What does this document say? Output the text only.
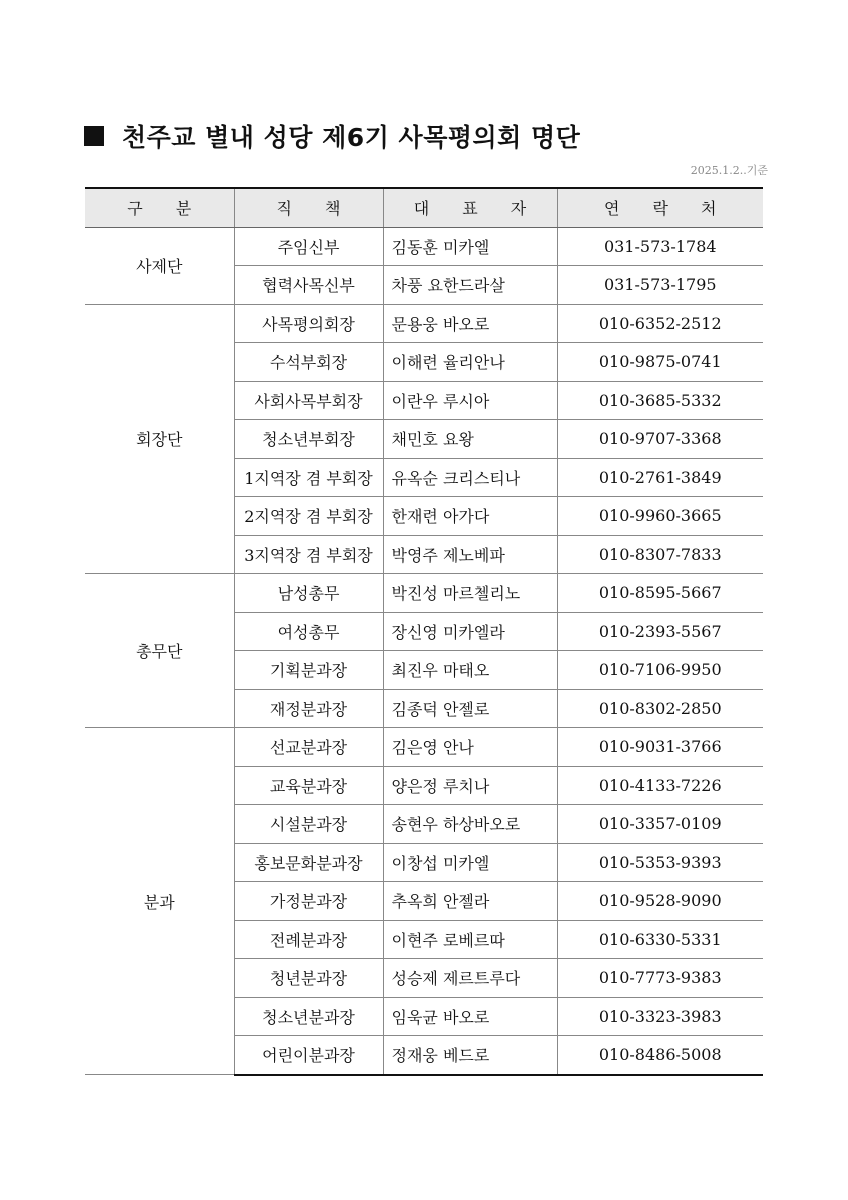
천주교 별내 성당 제6기 사목평의회 명단
2025.1.2..기준
구 분	직 책	대 표 자	연 락 처
사제단	주임신부	김동훈 미카엘	031-573-1784
	협력사목신부	차풍 요한드라살	031-573-1795
회장단	사목평의회장	문용웅 바오로	010-6352-2512
	수석부회장	이해련 율리안나	010-9875-0741
	사회사목부회장	이란우 루시아	010-3685-5332
	청소년부회장	채민호 요왕	010-9707-3368
	1지역장 겸 부회장	유옥순 크리스티나	010-2761-3849
	2지역장 겸 부회장	한재련 아가다	010-9960-3665
	3지역장 겸 부회장	박영주 제노베파	010-8307-7833
총무단	남성총무	박진성 마르첼리노	010-8595-5667
	여성총무	장신영 미카엘라	010-2393-5567
	기획분과장	최진우 마태오	010-7106-9950
	재정분과장	김종덕 안젤로	010-8302-2850
분과	선교분과장	김은영 안나	010-9031-3766
	교육분과장	양은정 루치나	010-4133-7226
	시설분과장	송현우 하상바오로	010-3357-0109
	홍보문화분과장	이창섭 미카엘	010-5353-9393
	가정분과장	추옥희 안젤라	010-9528-9090
	전례분과장	이현주 로베르따	010-6330-5331
	청년분과장	성승제 제르트루다	010-7773-9383
	청소년분과장	임욱균 바오로	010-3323-3983
	어린이분과장	정재웅 베드로	010-8486-5008
